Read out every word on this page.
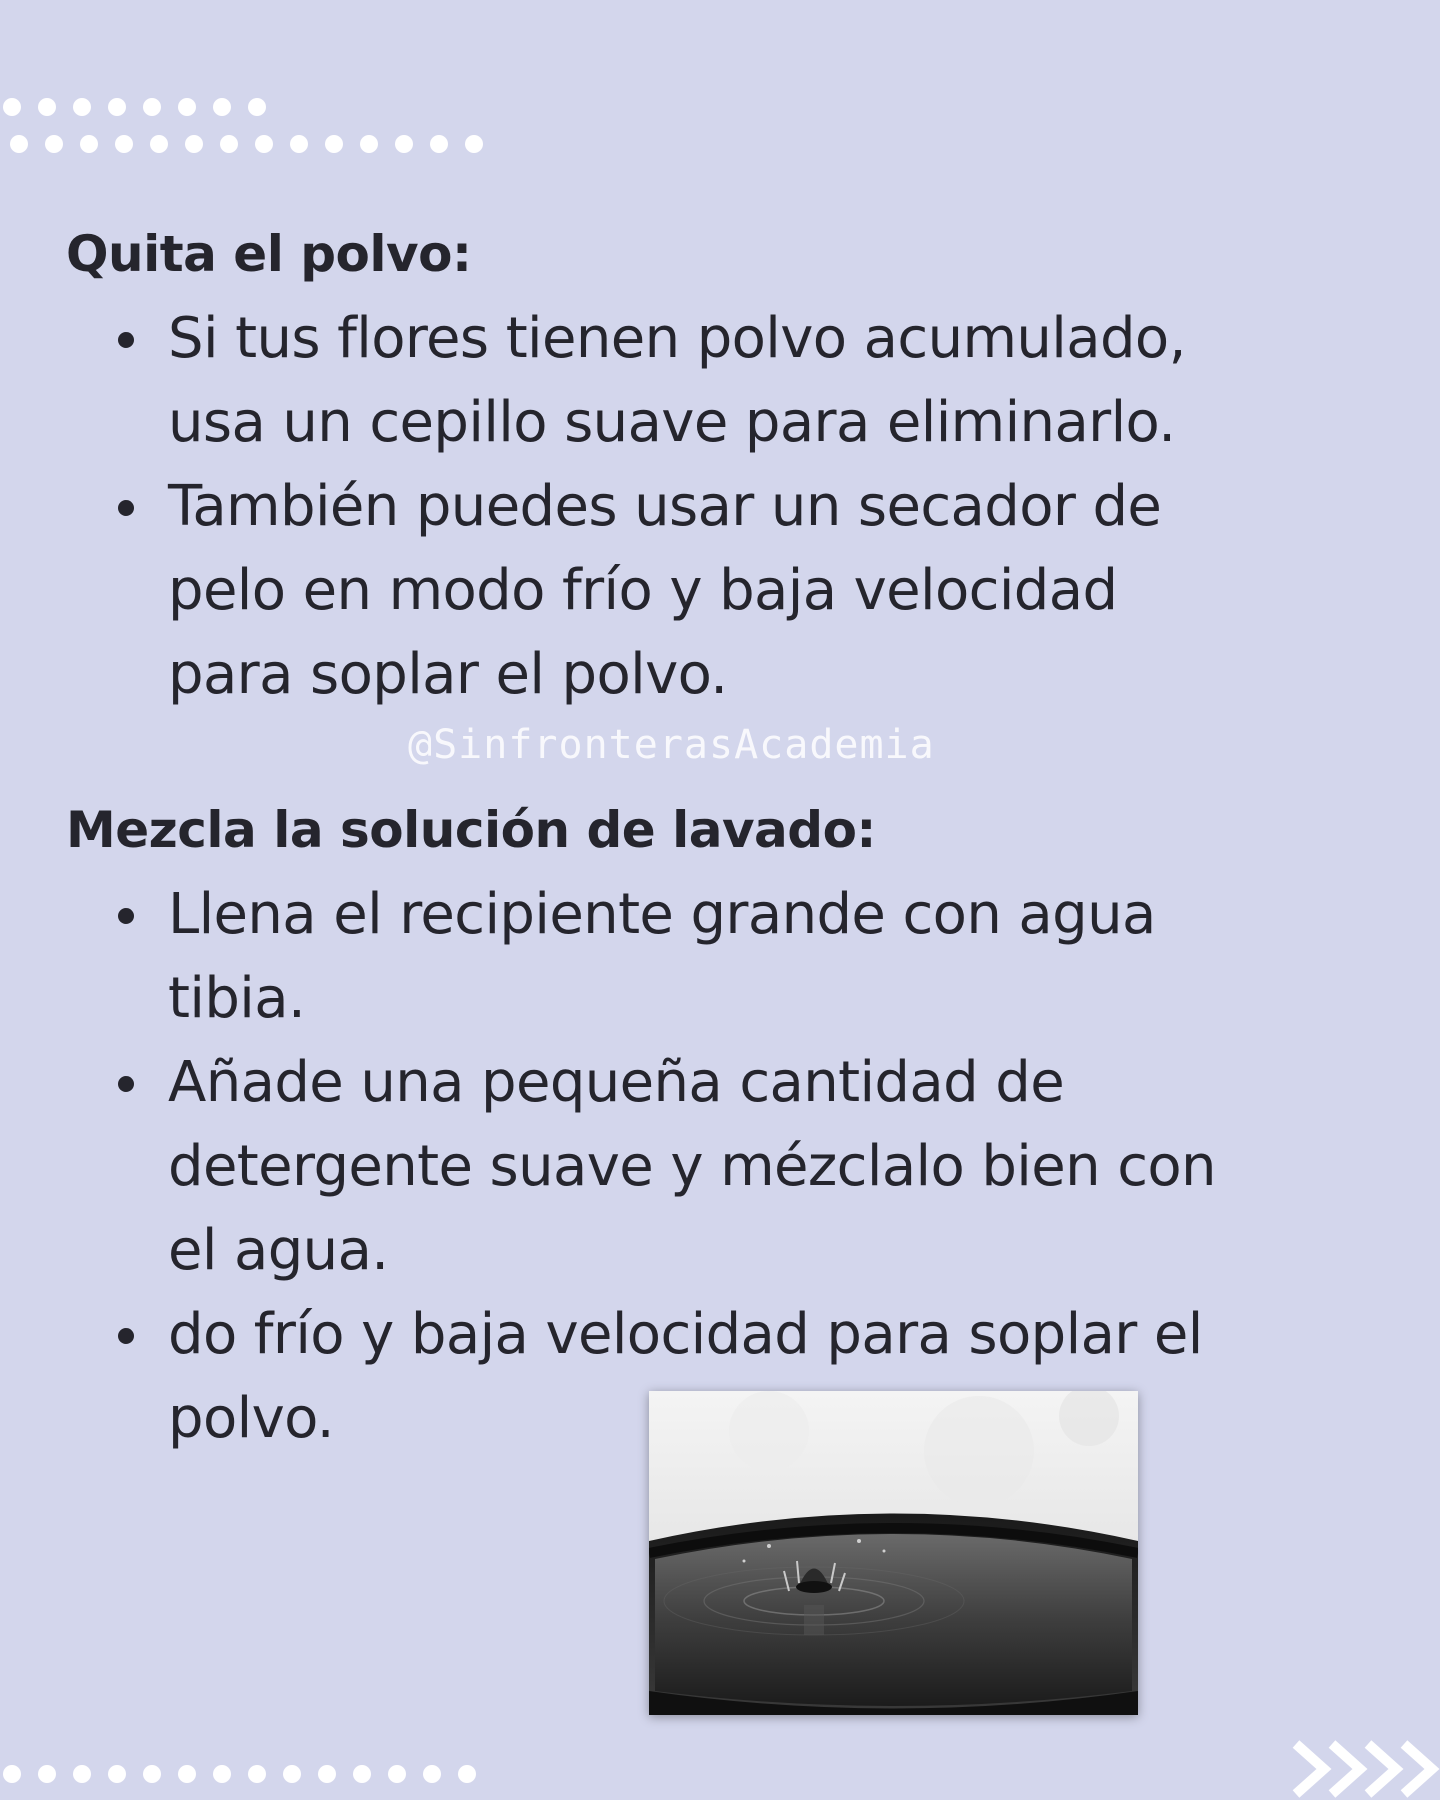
Quita el polvo:
Si tus flores tienen polvo acumulado,
usa un cepillo suave para eliminarlo.
También puedes usar un secador de
pelo en modo frío y baja velocidad
para soplar el polvo.
@SinfronterasAcademia
Mezcla la solución de lavado:
Llena el recipiente grande con agua
tibia.
Añade una pequeña cantidad de
detergente suave y mézclalo bien con
el agua.
do frío y baja velocidad para soplar el
polvo.
